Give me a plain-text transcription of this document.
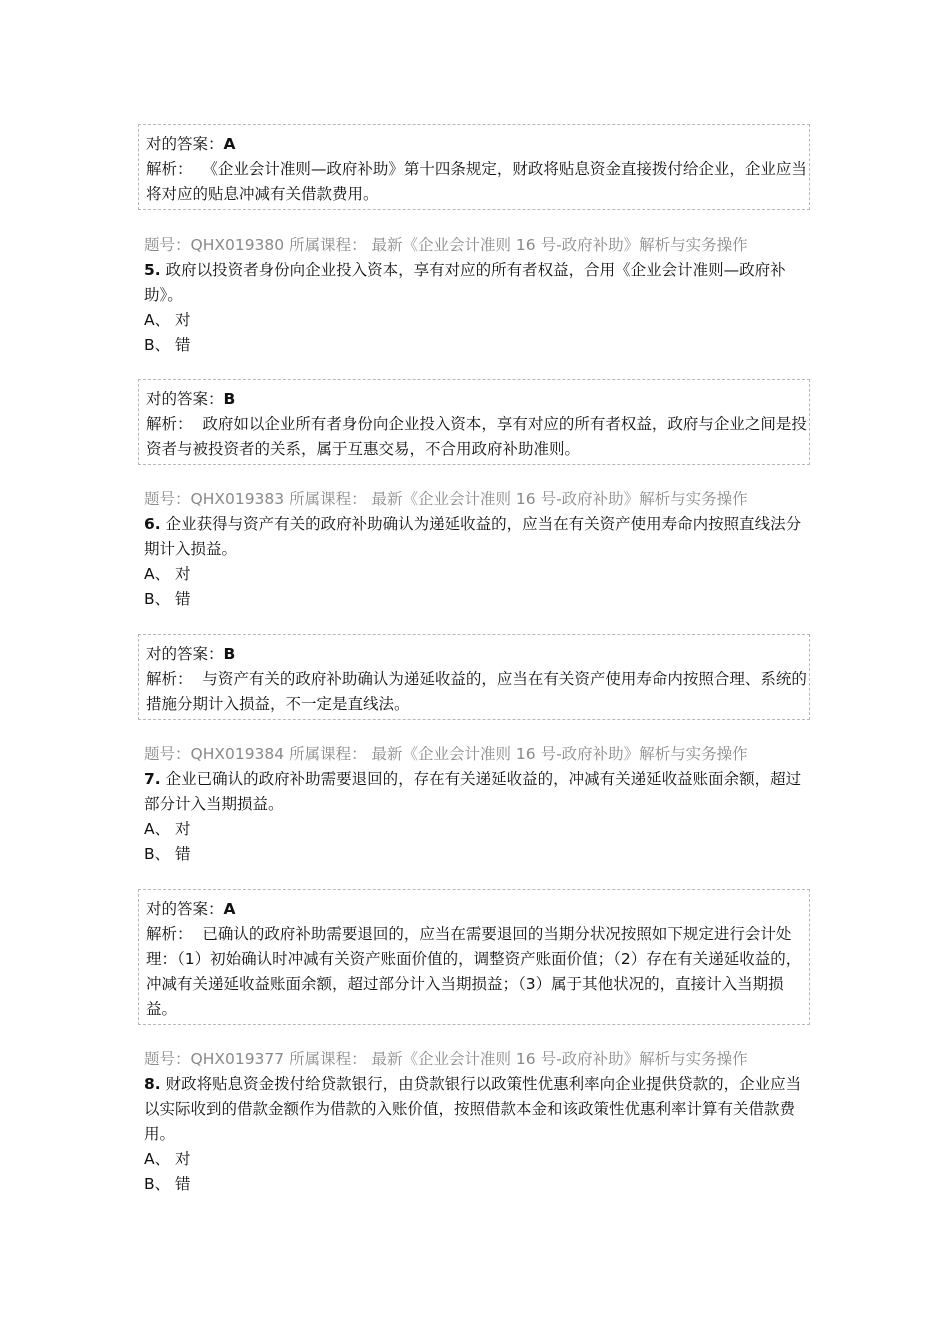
对的答案：A

解析： 《企业会计准则—政府补助》第十四条规定，财政将贴息资金直接拨付给企业，企业应当将对应的贴息冲减有关借款费用。

题号：QHX019380 所属课程： 最新《企业会计准则 16 号-政府补助》解析与实务操作

5. 政府以投资者身份向企业投入资本，享有对应的所有者权益，合用《企业会计准则—政府补助》。

A、 对

B、 错

对的答案：B

解析： 政府如以企业所有者身份向企业投入资本，享有对应的所有者权益，政府与企业之间是投资者与被投资者的关系，属于互惠交易，不合用政府补助准则。

题号：QHX019383 所属课程： 最新《企业会计准则 16 号-政府补助》解析与实务操作

6. 企业获得与资产有关的政府补助确认为递延收益的，应当在有关资产使用寿命内按照直线法分期计入损益。

A、 对

B、 错

对的答案：B

解析： 与资产有关的政府补助确认为递延收益的，应当在有关资产使用寿命内按照合理、系统的措施分期计入损益，不一定是直线法。

题号：QHX019384 所属课程： 最新《企业会计准则 16 号-政府补助》解析与实务操作

7. 企业已确认的政府补助需要退回的，存在有关递延收益的，冲减有关递延收益账面余额，超过部分计入当期损益。

A、 对

B、 错

对的答案：A

解析： 已确认的政府补助需要退回的，应当在需要退回的当期分状况按照如下规定进行会计处理：（1）初始确认时冲减有关资产账面价值的，调整资产账面价值；（2）存在有关递延收益的，冲减有关递延收益账面余额，超过部分计入当期损益；（3）属于其他状况的，直接计入当期损益。

题号：QHX019377 所属课程： 最新《企业会计准则 16 号-政府补助》解析与实务操作

8. 财政将贴息资金拨付给贷款银行，由贷款银行以政策性优惠利率向企业提供贷款的，企业应当以实际收到的借款金额作为借款的入账价值，按照借款本金和该政策性优惠利率计算有关借款费用。

A、 对

B、 错
